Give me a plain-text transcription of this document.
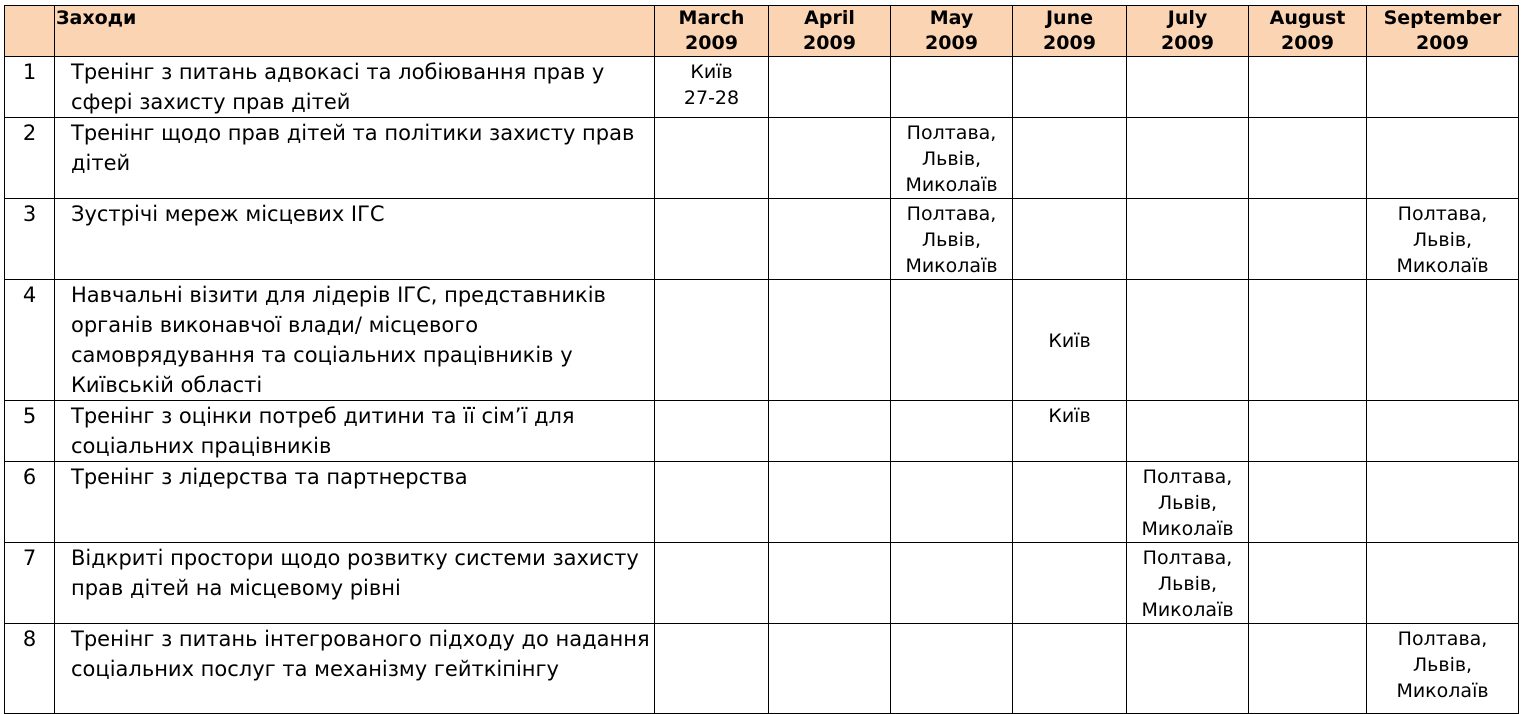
	Заходи	March
2009	April
2009	May
2009	June
2009	July
2009	August
2009	September
2009

1	Тренінг з питань адвокасі та лобіювання прав у сфері захисту прав дітей	Київ
27-28						

2	Тренінг щодо прав дітей та політики захисту прав дітей			Полтава,
Львів,
Миколаїв				

3	Зустрічі мереж місцевих ІГС			Полтава,
Львів,
Миколаїв				Полтава,
Львів,
Миколаїв

4	Навчальні візити для лідерів ІГС, представників органів виконавчої влади/ місцевого самоврядування та соціальних працівників у Київській області				Київ			

5	Тренінг з оцінки потреб дитини та її сім’ї для соціальних працівників				Київ			

6	Тренінг з лідерства та партнерства					Полтава,
Львів,
Миколаїв		

7	Відкриті простори щодо розвитку системи захисту прав дітей на місцевому рівні					Полтава,
Львів,
Миколаїв		

8	Тренінг з питань інтегрованого підходу до надання соціальних послуг та механізму гейткіпінгу							Полтава,
Львів,
Миколаїв
